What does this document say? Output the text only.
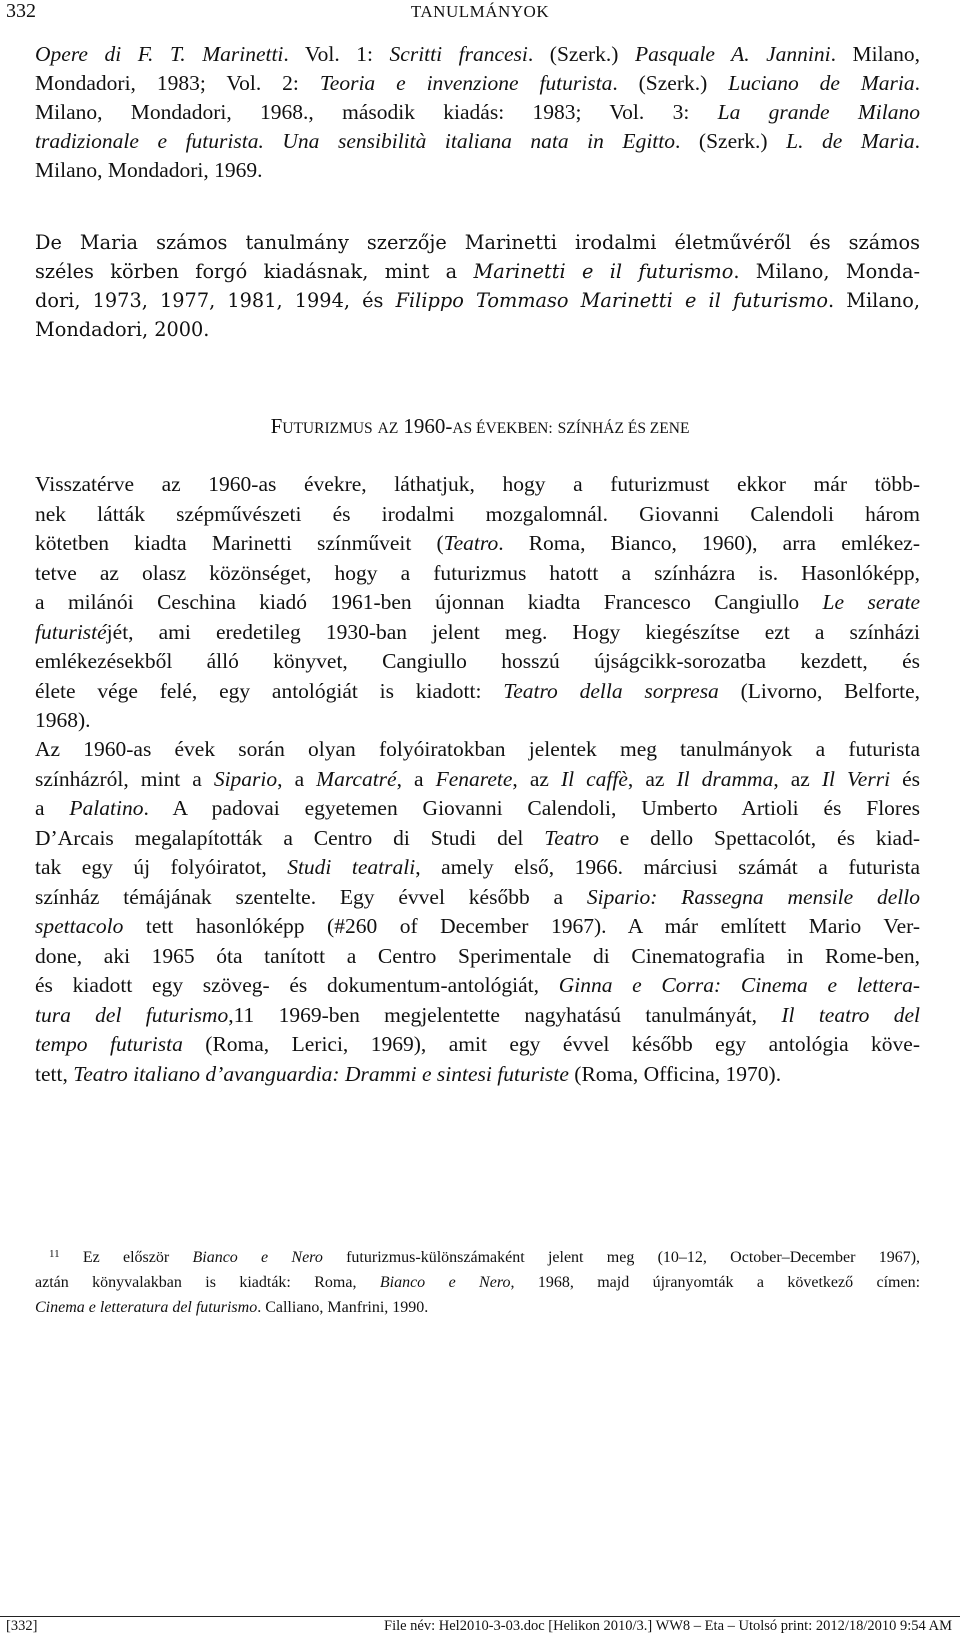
332	TANULMÁNYOK
Opere di F. T. Marinetti. Vol. 1: Scritti francesi. (Szerk.) Pasquale A. Jannini. Milano,
Mondadori, 1983; Vol. 2: Teoria e invenzione futurista. (Szerk.) Luciano de Maria.
Milano, Mondadori, 1968., második kiadás: 1983; Vol. 3: La grande Milano
tradizionale e futurista. Una sensibilità italiana nata in Egitto. (Szerk.) L. de Maria.
Milano, Mondadori, 1969.
De Maria számos tanulmány szerzője Marinetti irodalmi életművéről és számos
széles körben forgó kiadásnak, mint a Marinetti e il futurismo. Milano, Monda-
dori, 1973, 1977, 1981, 1994, és Filippo Tommaso Marinetti e il futurismo. Milano,
Mondadori, 2000.
FUTURIZMUS AZ 1960-AS ÉVEKBEN: SZÍNHÁZ ÉS ZENE
Visszatérve az 1960-as évekre, láthatjuk, hogy a futurizmust ekkor már több-
nek látták szépművészeti és irodalmi mozgalomnál. Giovanni Calendoli három
kötetben kiadta Marinetti színműveit (Teatro. Roma, Bianco, 1960), arra emlékez-
tetve az olasz közönséget, hogy a futurizmus hatott a színházra is. Hasonlóképp,
a milánói Ceschina kiadó 1961-ben újonnan kiadta Francesco Cangiullo Le serate
futuristéjét, ami eredetileg 1930-ban jelent meg. Hogy kiegészítse ezt a színházi
emlékezésekből álló könyvet, Cangiullo hosszú újságcikk-sorozatba kezdett, és
élete vége felé, egy antológiát is kiadott: Teatro della sorpresa (Livorno, Belforte,
1968).
Az 1960-as évek során olyan folyóiratokban jelentek meg tanulmányok a futurista
színházról, mint a Sipario, a Marcatré, a Fenarete, az Il caffè, az Il dramma, az Il Verri és
a Palatino. A padovai egyetemen Giovanni Calendoli, Umberto Artioli és Flores
D’Arcais megalapították a Centro di Studi del Teatro e dello Spettacolót, és kiad-
tak egy új folyóiratot, Studi teatrali, amely első, 1966. márciusi számát a futurista
színház témájának szentelte. Egy évvel később a Sipario: Rassegna mensile dello
spettacolo tett hasonlóképp (#260 of December 1967). A már említett Mario Ver-
done, aki 1965 óta tanított a Centro Sperimentale di Cinematografia in Rome-ben,
és kiadott egy szöveg- és dokumentum-antológiát, Ginna e Corra: Cinema e lettera-
tura del futurismo,11 1969-ben megjelentette nagyhatású tanulmányát, Il teatro del
tempo futurista (Roma, Lerici, 1969), amit egy évvel később egy antológia köve-
tett, Teatro italiano d’avanguardia: Drammi e sintesi futuriste (Roma, Officina, 1970).
$^{11}$ Ez először Bianco e Nero futurizmus-különszámaként jelent meg (10–12, October–December 1967),
aztán könyvalakban is kiadták: Roma, Bianco e Nero, 1968, majd újranyomták a következő címen:
Cinema e letteratura del futurismo. Calliano, Manfrini, 1990.
[332]	File név: Hel2010-3-03.doc [Helikon 2010/3.] WW8 – Eta – Utolsó print: 2012/18/2010 9:54 AM
